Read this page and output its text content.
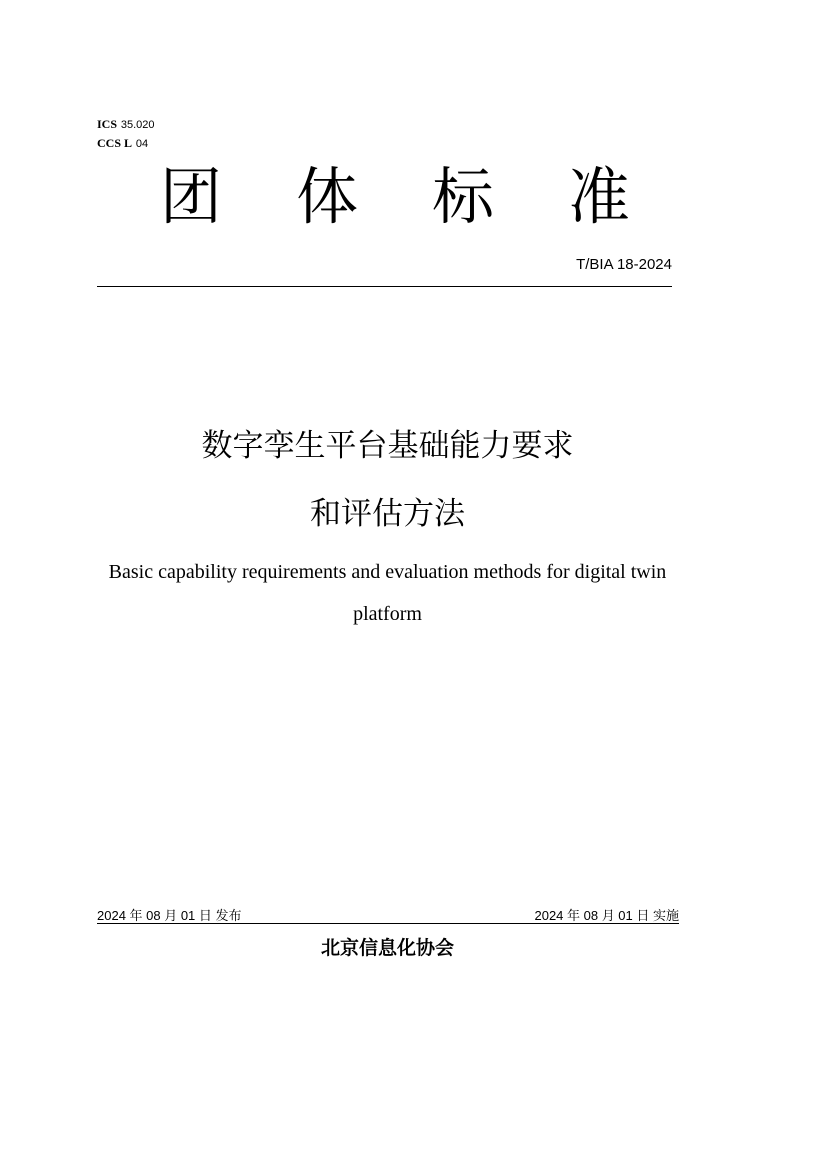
ICS 35.020
CCS L 04
团 体 标 准
T/BIA 18-2024
数字孪生平台基础能力要求
和评估方法
Basic capability requirements and evaluation methods for digital twin platform
2024 年 08 月 01 日 发布	2024 年 08 月 01 日 实施
北京信息化协会
